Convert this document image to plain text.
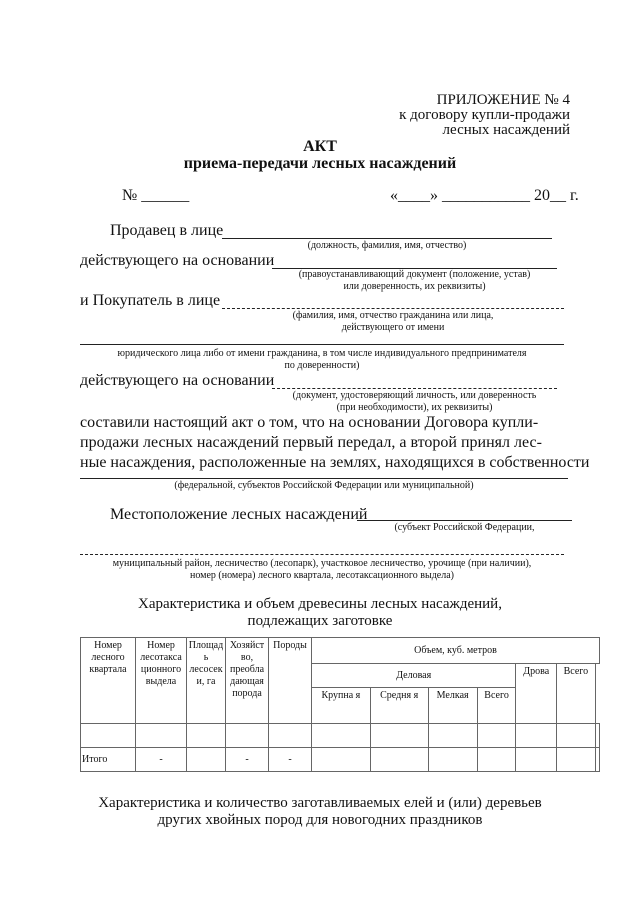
ПРИЛОЖЕНИЕ № 4
к договору купли-продажи
лесных насаждений
АКТ
приема-передачи лесных насаждений
№ ______	«____» ___________ 20__ г.
Продавец в лице
(должность, фамилия, имя, отчество)
действующего на основании
(правоустанавливающий документ (положение, устав)
или доверенность, их реквизиты)
и Покупатель в лице
(фамилия, имя, отчество гражданина или лица,
действующего от имени
юридического лица либо от имени гражданина, в том числе индивидуального предпринимателя
по доверенности)
действующего на основании
(документ, удостоверяющий личность, или доверенность
(при необходимости), их реквизиты)
составили настоящий акт о том, что на основании Договора купли-
продажи лесных насаждений первый передал, а второй принял лес-
ные насаждения, расположенные на землях, находящихся в собственности
(федеральной, субъектов Российской Федерации или муниципальной)
Местоположение лесных насаждений
(субъект Российской Федерации,
муниципальный район, лесничество (лесопарк), участковое лесничество, урочище (при наличии),
номер (номера) лесного квартала, лесотаксационного выдела)
Характеристика и объем древесины лесных насаждений,
подлежащих заготовке
Номер лесного квартала	Номер лесотакса ционного выдела	Площад ь лесосек и, га	Хозяйст во, преобла дающая порода	Породы	Объем, куб. метров						
					Деловая				Дрова	Всего	
					Крупна я	Средня я	Мелкая	Всего			

Итого	-		-	-							
Характеристика и количество заготавливаемых елей и (или) деревьев
других хвойных пород для новогодних праздников
